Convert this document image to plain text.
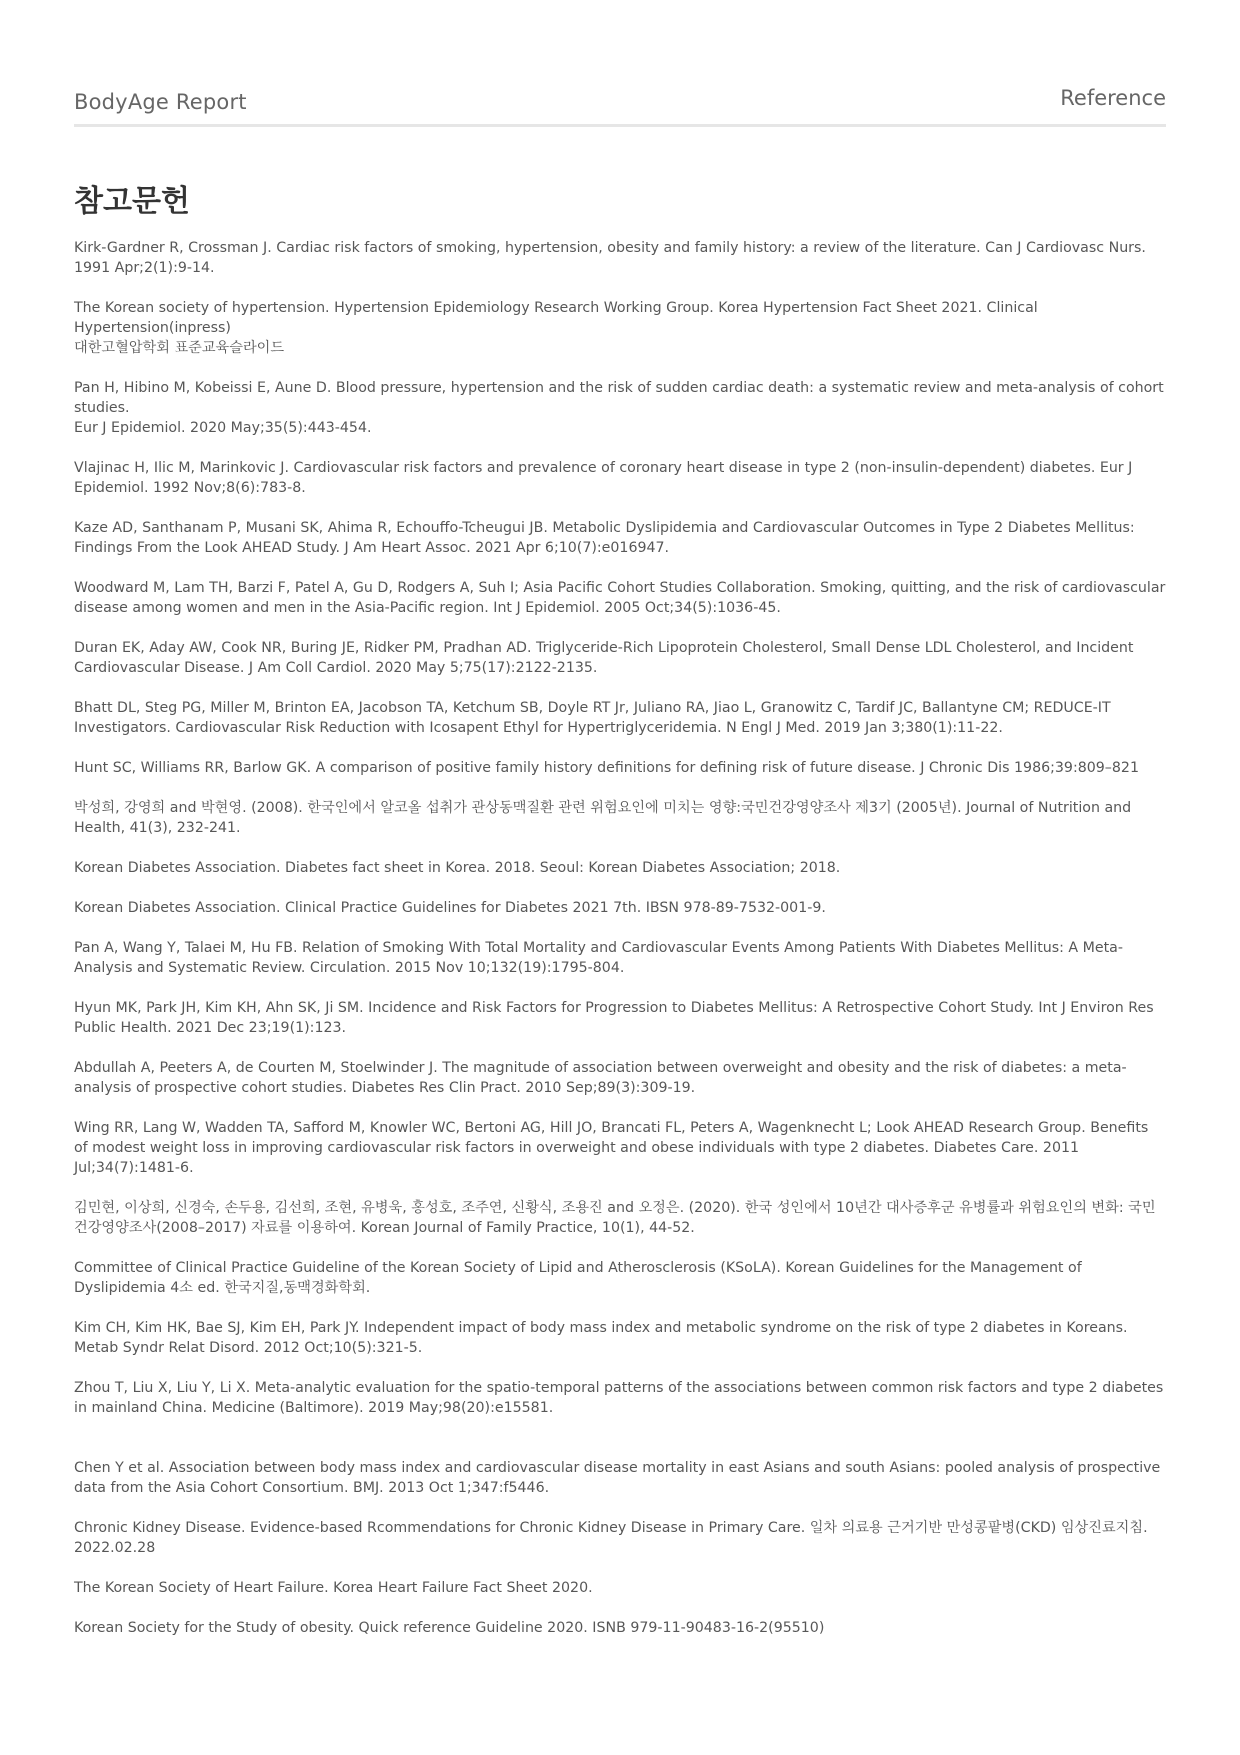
BodyAge Report	Reference
참고문헌
Kirk-Gardner R, Crossman J. Cardiac risk factors of smoking, hypertension, obesity and family history: a review of the literature. Can J Cardiovasc Nurs. 1991 Apr;2(1):9-14.
The Korean society of hypertension. Hypertension Epidemiology Research Working Group. Korea Hypertension Fact Sheet 2021. Clinical Hypertension(inpress)
대한고혈압학회 표준교육슬라이드
Pan H, Hibino M, Kobeissi E, Aune D. Blood pressure, hypertension and the risk of sudden cardiac death: a systematic review and meta-analysis of cohort studies.
Eur J Epidemiol. 2020 May;35(5):443-454.
Vlajinac H, Ilic M, Marinkovic J. Cardiovascular risk factors and prevalence of coronary heart disease in type 2 (non-insulin-dependent) diabetes. Eur J Epidemiol. 1992 Nov;8(6):783-8.
Kaze AD, Santhanam P, Musani SK, Ahima R, Echouffo-Tcheugui JB. Metabolic Dyslipidemia and Cardiovascular Outcomes in Type 2 Diabetes Mellitus: Findings From the Look AHEAD Study. J Am Heart Assoc. 2021 Apr 6;10(7):e016947.
Woodward M, Lam TH, Barzi F, Patel A, Gu D, Rodgers A, Suh I; Asia Pacific Cohort Studies Collaboration. Smoking, quitting, and the risk of cardiovascular disease among women and men in the Asia-Pacific region. Int J Epidemiol. 2005 Oct;34(5):1036-45.
Duran EK, Aday AW, Cook NR, Buring JE, Ridker PM, Pradhan AD. Triglyceride-Rich Lipoprotein Cholesterol, Small Dense LDL Cholesterol, and Incident Cardiovascular Disease. J Am Coll Cardiol. 2020 May 5;75(17):2122-2135.
Bhatt DL, Steg PG, Miller M, Brinton EA, Jacobson TA, Ketchum SB, Doyle RT Jr, Juliano RA, Jiao L, Granowitz C, Tardif JC, Ballantyne CM; REDUCE-IT Investigators. Cardiovascular Risk Reduction with Icosapent Ethyl for Hypertriglyceridemia. N Engl J Med. 2019 Jan 3;380(1):11-22.
Hunt SC, Williams RR, Barlow GK. A comparison of positive family history definitions for defining risk of future disease. J Chronic Dis 1986;39:809–821
박성희, 강영희 and 박현영. (2008). 한국인에서 알코올 섭취가 관상동맥질환 관련 위험요인에 미치는 영향:국민건강영양조사 제3기 (2005년). Journal of Nutrition and Health, 41(3), 232-241.
Korean Diabetes Association. Diabetes fact sheet in Korea. 2018. Seoul: Korean Diabetes Association; 2018.
Korean Diabetes Association. Clinical Practice Guidelines for Diabetes 2021 7th. IBSN 978-89-7532-001-9.
Pan A, Wang Y, Talaei M, Hu FB. Relation of Smoking With Total Mortality and Cardiovascular Events Among Patients With Diabetes Mellitus: A Meta-Analysis and Systematic Review. Circulation. 2015 Nov 10;132(19):1795-804.
Hyun MK, Park JH, Kim KH, Ahn SK, Ji SM. Incidence and Risk Factors for Progression to Diabetes Mellitus: A Retrospective Cohort Study. Int J Environ Res Public Health. 2021 Dec 23;19(1):123.
Abdullah A, Peeters A, de Courten M, Stoelwinder J. The magnitude of association between overweight and obesity and the risk of diabetes: a meta-analysis of prospective cohort studies. Diabetes Res Clin Pract. 2010 Sep;89(3):309-19.
Wing RR, Lang W, Wadden TA, Safford M, Knowler WC, Bertoni AG, Hill JO, Brancati FL, Peters A, Wagenknecht L; Look AHEAD Research Group. Benefits of modest weight loss in improving cardiovascular risk factors in overweight and obese individuals with type 2 diabetes. Diabetes Care. 2011 Jul;34(7):1481-6.
김민현, 이상희, 신경숙, 손두용, 김선희, 조현, 유병욱, 홍성호, 조주연, 신황식, 조용진 and 오정은. (2020). 한국 성인에서 10년간 대사증후군 유병률과 위험요인의 변화: 국민건강영양조사(2008–2017) 자료를 이용하여. Korean Journal of Family Practice, 10(1), 44-52.
Committee of Clinical Practice Guideline of the Korean Society of Lipid and Atherosclerosis (KSoLA). Korean Guidelines for the Management of Dyslipidemia 4소 ed. 한국지질,동맥경화학회.
Kim CH, Kim HK, Bae SJ, Kim EH, Park JY. Independent impact of body mass index and metabolic syndrome on the risk of type 2 diabetes in Koreans. Metab Syndr Relat Disord. 2012 Oct;10(5):321-5.
Zhou T, Liu X, Liu Y, Li X. Meta-analytic evaluation for the spatio-temporal patterns of the associations between common risk factors and type 2 diabetes in mainland China. Medicine (Baltimore). 2019 May;98(20):e15581.
Chen Y et al. Association between body mass index and cardiovascular disease mortality in east Asians and south Asians: pooled analysis of prospective data from the Asia Cohort Consortium. BMJ. 2013 Oct 1;347:f5446.
Chronic Kidney Disease. Evidence-based Rcommendations for Chronic Kidney Disease in Primary Care. 일차 의료용 근거기반 만성콩팥병(CKD) 임상진료지침. 2022.02.28
The Korean Society of Heart Failure. Korea Heart Failure Fact Sheet 2020.
Korean Society for the Study of obesity. Quick reference Guideline 2020. ISNB 979-11-90483-16-2(95510)
